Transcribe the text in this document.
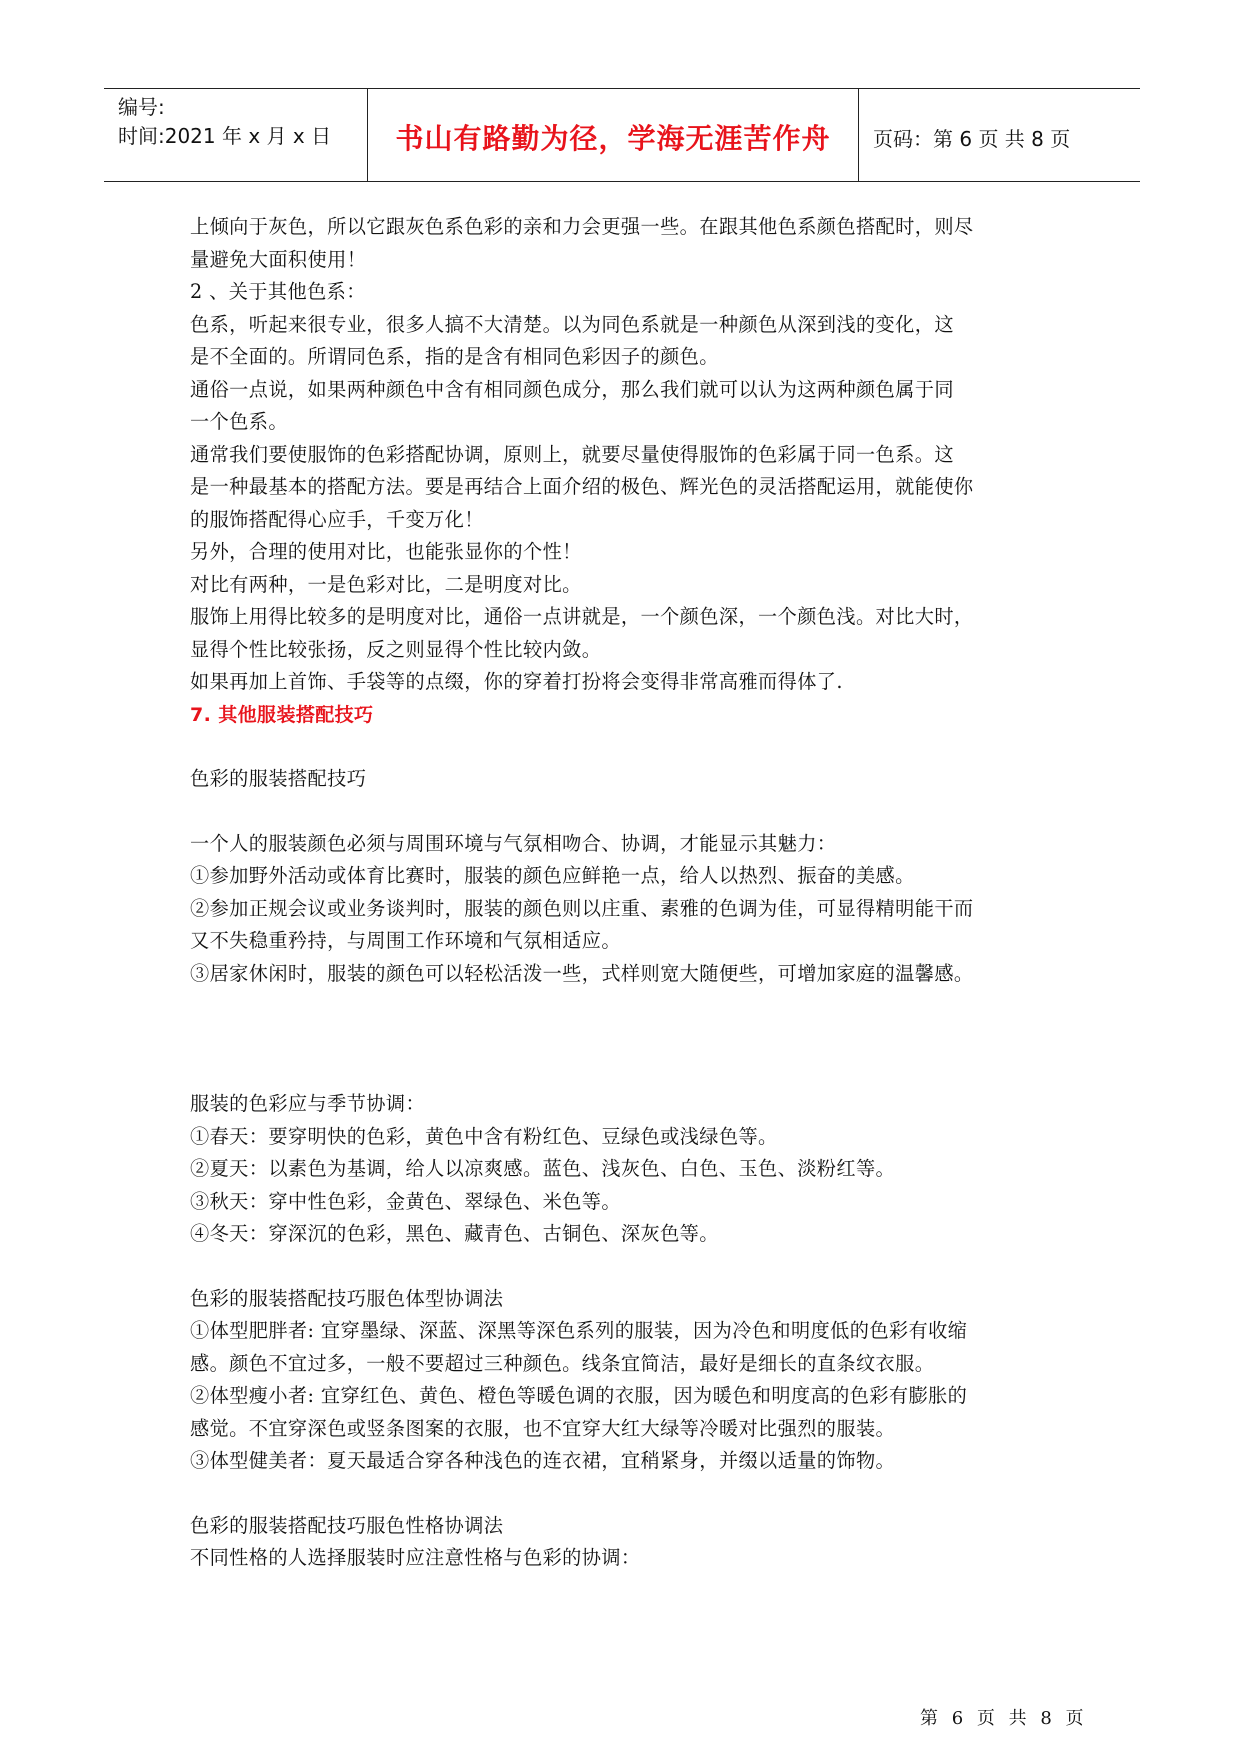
编号:
时间:2021 年 x 月 x 日	书山有路勤为径，学海无涯苦作舟 页码：第 6 页 共 8 页
上倾向于灰色，所以它跟灰色系色彩的亲和力会更强一些。在跟其他色系颜色搭配时，则尽
量避免大面积使用！
2 、关于其他色系：
色系，听起来很专业，很多人搞不大清楚。以为同色系就是一种颜色从深到浅的变化，这
是不全面的。所谓同色系，指的是含有相同色彩因子的颜色。
通俗一点说，如果两种颜色中含有相同颜色成分，那么我们就可以认为这两种颜色属于同
一个色系。
通常我们要使服饰的色彩搭配协调，原则上，就要尽量使得服饰的色彩属于同一色系。这
是一种最基本的搭配方法。要是再结合上面介绍的极色、辉光色的灵活搭配运用，就能使你
的服饰搭配得心应手，千变万化！
另外，合理的使用对比，也能张显你的个性！
对比有两种，一是色彩对比，二是明度对比。
服饰上用得比较多的是明度对比，通俗一点讲就是，一个颜色深，一个颜色浅。对比大时，
显得个性比较张扬，反之则显得个性比较内敛。
如果再加上首饰、手袋等的点缀，你的穿着打扮将会变得非常高雅而得体了.
7. 其他服装搭配技巧
色彩的服装搭配技巧
一个人的服装颜色必须与周围环境与气氛相吻合、协调，才能显示其魅力：
①参加野外活动或体育比赛时，服装的颜色应鲜艳一点，给人以热烈、振奋的美感。
②参加正规会议或业务谈判时，服装的颜色则以庄重、素雅的色调为佳，可显得精明能干而
又不失稳重矜持，与周围工作环境和气氛相适应。
③居家休闲时，服装的颜色可以轻松活泼一些，式样则宽大随便些，可增加家庭的温馨感。
服装的色彩应与季节协调：
①春天：要穿明快的色彩，黄色中含有粉红色、豆绿色或浅绿色等。
②夏天：以素色为基调，给人以凉爽感。蓝色、浅灰色、白色、玉色、淡粉红等。
③秋天：穿中性色彩，金黄色、翠绿色、米色等。
④冬天：穿深沉的色彩，黑色、藏青色、古铜色、深灰色等。
色彩的服装搭配技巧服色体型协调法
①体型肥胖者: 宜穿墨绿、深蓝、深黑等深色系列的服装，因为冷色和明度低的色彩有收缩
感。颜色不宜过多，一般不要超过三种颜色。线条宜简洁，最好是细长的直条纹衣服。
②体型瘦小者: 宜穿红色、黄色、橙色等暖色调的衣服，因为暖色和明度高的色彩有膨胀的
感觉。不宜穿深色或竖条图案的衣服，也不宜穿大红大绿等冷暖对比强烈的服装。
③体型健美者：夏天最适合穿各种浅色的连衣裙，宜稍紧身，并缀以适量的饰物。
色彩的服装搭配技巧服色性格协调法
不同性格的人选择服装时应注意性格与色彩的协调：
第 6 页 共 8 页
